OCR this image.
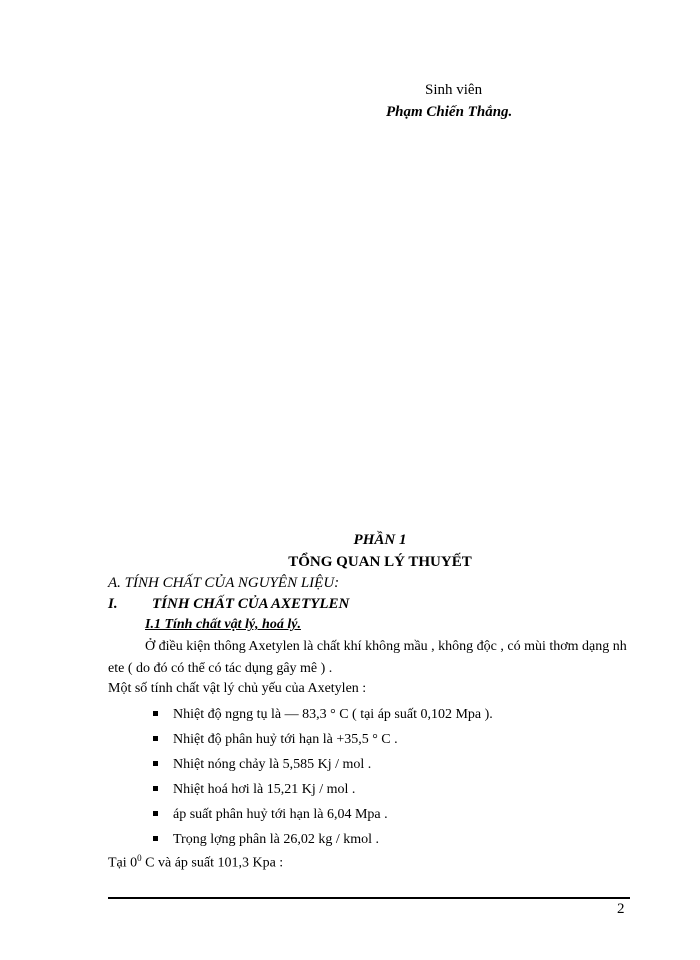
Sinh viên
Phạm Chiến Thắng.
PHẦN 1
TỔNG QUAN LÝ THUYẾT
A. TÍNH CHẤT CỦA NGUYÊN LIỆU:
I. TÍNH CHẤT CỦA AXETYLEN
I.1 Tính chất vật lý, hoá lý.
Ở điều kiện thông Axetylen là chất khí không mầu , không độc , có mùi thơm dạng nh ete ( do đó có thể có tác dụng gây mê ) .
Một số tính chất vật lý chủ yếu của Axetylen :
Nhiệt độ ngng tụ là — 83,3 ° C ( tại áp suất 0,102 Mpa ).
Nhiệt độ phân huỷ tới hạn là +35,5 ° C .
Nhiệt nóng chảy là 5,585 Kj / mol .
Nhiệt hoá hơi là 15,21 Kj / mol .
áp suất phân huỷ tới hạn là 6,04 Mpa .
Trọng lợng phân là 26,02 kg / kmol .
Tại $0^0$ C và áp suất 101,3 Kpa :
2
